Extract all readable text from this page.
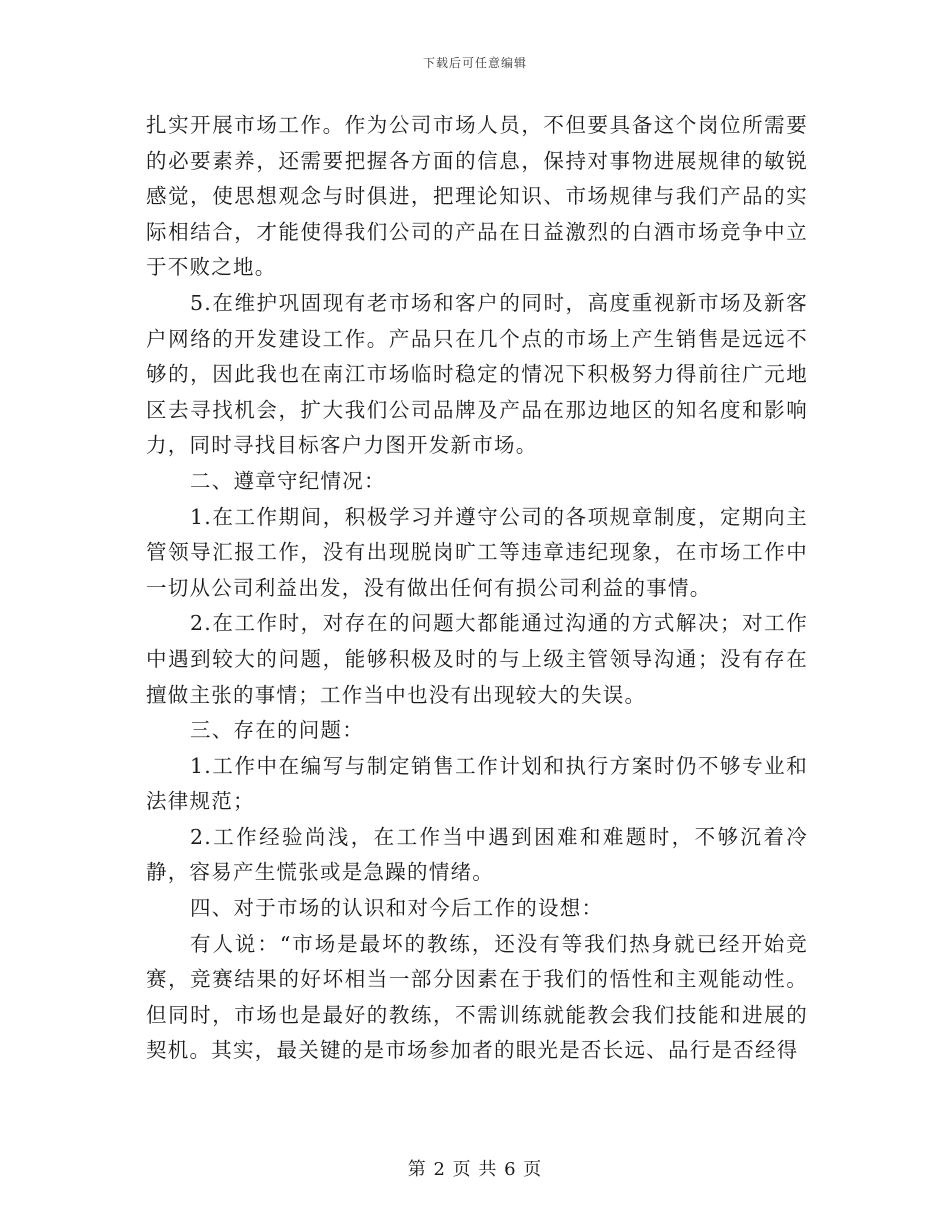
下载后可任意编辑

扎实开展市场工作。作为公司市场人员，不但要具备这个岗位所需要的必要素养，还需要把握各方面的信息，保持对事物进展规律的敏锐感觉，使思想观念与时俱进，把理论知识、市场规律与我们产品的实际相结合，才能使得我们公司的产品在日益激烈的白酒市场竞争中立于不败之地。

5.在维护巩固现有老市场和客户的同时，高度重视新市场及新客户网络的开发建设工作。产品只在几个点的市场上产生销售是远远不够的，因此我也在南江市场临时稳定的情况下积极努力得前往广元地区去寻找机会，扩大我们公司品牌及产品在那边地区的知名度和影响力，同时寻找目标客户力图开发新市场。

二、遵章守纪情况：

1.在工作期间，积极学习并遵守公司的各项规章制度，定期向主管领导汇报工作，没有出现脱岗旷工等违章违纪现象，在市场工作中一切从公司利益出发，没有做出任何有损公司利益的事情。

2.在工作时，对存在的问题大都能通过沟通的方式解决；对工作中遇到较大的问题，能够积极及时的与上级主管领导沟通；没有存在擅做主张的事情；工作当中也没有出现较大的失误。

三、存在的问题：

1.工作中在编写与制定销售工作计划和执行方案时仍不够专业和法律规范；

2.工作经验尚浅，在工作当中遇到困难和难题时，不够沉着冷静，容易产生慌张或是急躁的情绪。

四、对于市场的认识和对今后工作的设想：

有人说：“市场是最坏的教练，还没有等我们热身就已经开始竞赛，竞赛结果的好坏相当一部分因素在于我们的悟性和主观能动性。但同时，市场也是最好的教练，不需训练就能教会我们技能和进展的契机。其实，最关键的是市场参加者的眼光是否长远、品行是否经得

第 2 页 共 6 页
